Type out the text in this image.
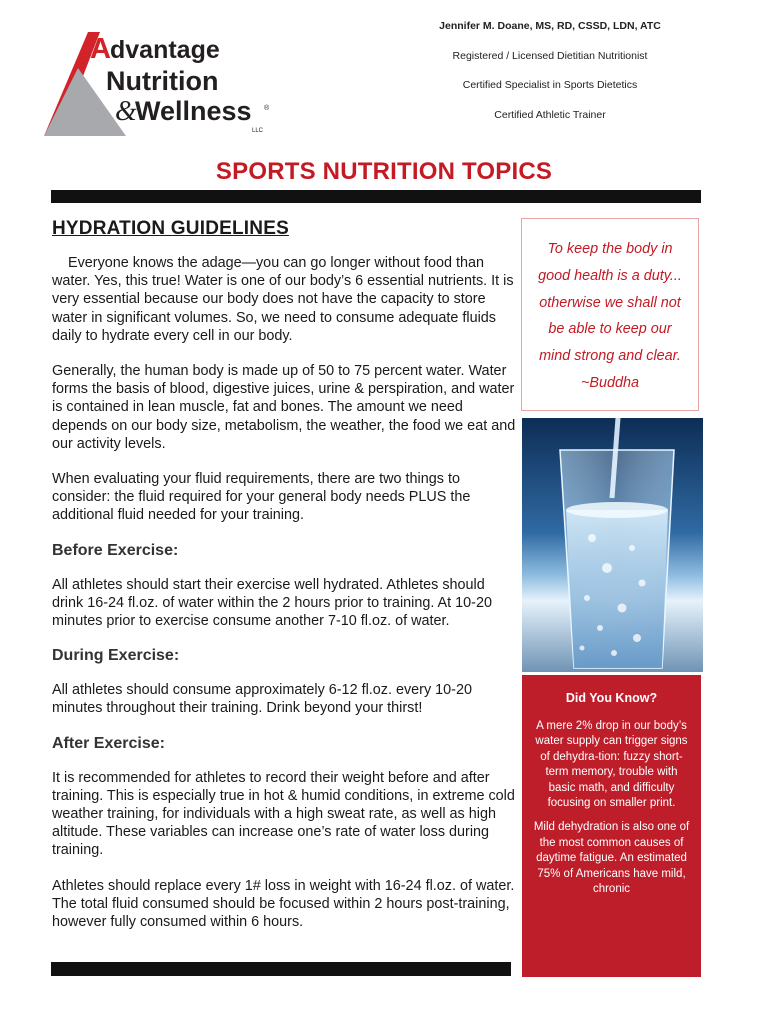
A dvantage
Nutrition
&
Wellness ®
LLC
Jennifer M. Doane, MS, RD, CSSD, LDN, ATC
Registered / Licensed Dietitian Nutritionist
Certified Specialist in Sports Dietetics
Certified Athletic Trainer
SPORTS NUTRITION TOPICS
HYDRATION GUIDELINES

Everyone knows the adage—you can go longer without food than water. Yes, this true! Water is one of our body’s 6 essential nutrients. It is very essential because our body does not have the capacity to store water in significant volumes. So, we need to consume adequate fluids daily to hydrate every cell in our body.

Generally, the human body is made up of 50 to 75 percent water. Water forms the basis of blood, digestive juices, urine & perspiration, and water is contained in lean muscle, fat and bones. The amount we need depends on our body size, metabolism, the weather, the food we eat and our activity levels.

When evaluating your fluid requirements, there are two things to consider: the fluid required for your general body needs PLUS the additional fluid needed for your training.

Before Exercise:

All athletes should start their exercise well hydrated. Athletes should drink 16-24 fl.oz. of water within the 2 hours prior to training. At 10-20 minutes prior to exercise consume another 7-10 fl.oz. of water.

During Exercise:

All athletes should consume approximately 6-12 fl.oz. every 10-20 minutes throughout their training. Drink beyond your thirst!

After Exercise:

It is recommended for athletes to record their weight before and after training. This is especially true in hot & humid conditions, in extreme cold weather training, for individuals with a high sweat rate, as well as high altitude. These variables can increase one’s rate of water loss during training.

Athletes should replace every 1# loss in weight with 16-24 fl.oz. of water. The total fluid consumed should be focused within 2 hours post-training, however fully consumed within 6 hours.

To keep the body in
good health is a duty...
otherwise we shall not
be able to keep our
mind strong and clear.
~Buddha
Did You Know?

A mere 2% drop in our body’s water supply can trigger signs of dehydra-tion: fuzzy short-term memory, trouble with basic math, and difficulty focusing on smaller print.

Mild dehydration is also one of the most common causes of daytime fatigue. An estimated 75% of Americans have mild, chronic
